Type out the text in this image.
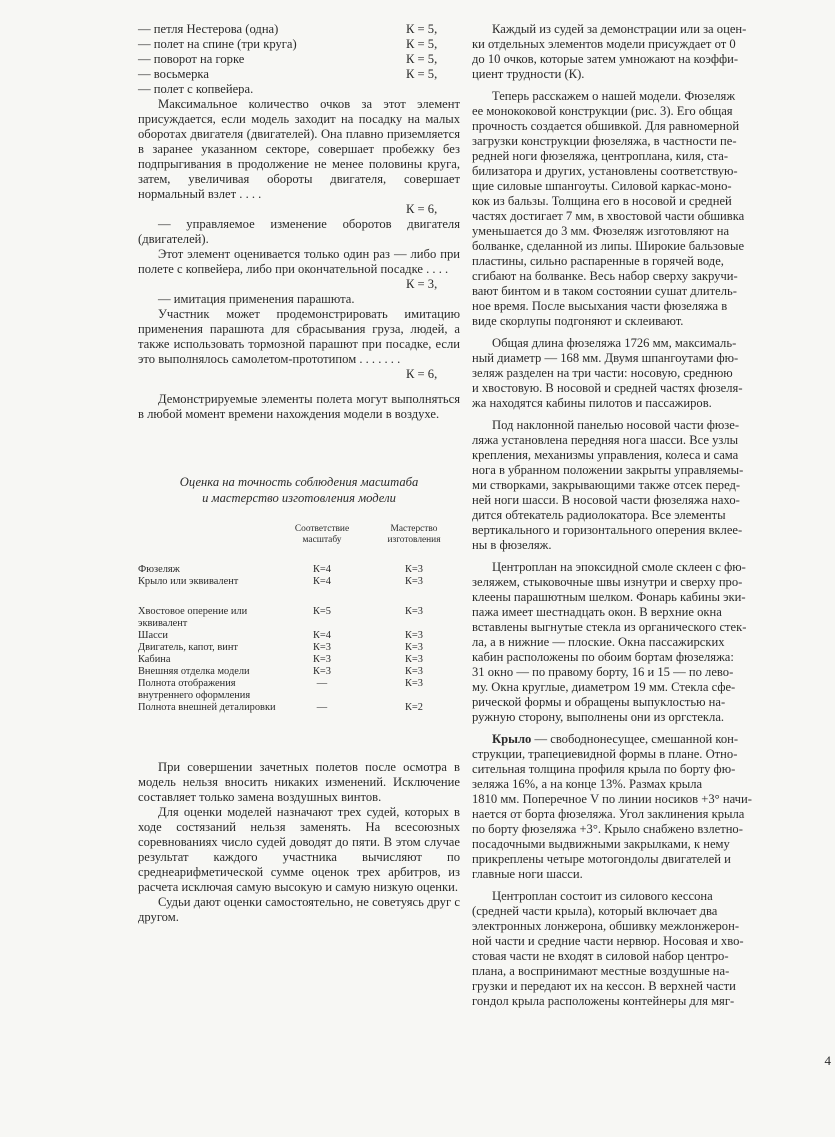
— петля Нестерова (одна)	К = 5,
— полет на спине (три круга)	К = 5,
— поворот на горке	К = 5,
— восьмерка	К = 5,
— полет с копвейера.

Максимальное количество очков за этот элемент присуждается, если модель заходит на посадку на малых оборотах двигателя (двигателей). Она плавно приземляется в заранее указанном секторе, совершает пробежку без подпрыгивания в продолжение не менее половины круга, затем, увеличивая обороты двигателя, совершает нормальный взлет . . . .

К = 6,

— управляемое изменение оборотов двигателя (двигателей).

Этот элемент оценивается только один раз — либо при полете с копвейера, либо при окончательной посадке . . . .

К = 3,

— имитация применения парашюта.

Участник может продемонстрировать имитацию применения парашюта для сбрасывания груза, людей, а также использовать тормозной парашют при посадке, если это выполнялось самолетом-прототипом . . . . . . .

К = 6,

Демонстрируемые элементы полета могут выполняться в любой момент времени нахождения модели в воздухе.

Оценка на точность соблюдения масштаба
и мастерство изготовления модели
	Соответствие масштабу	Мастерство изготовления
Фюзеляж	К=4	К=3
Крыло или эквивалент	К=4	К=3

Хвостовое оперение или эквивалент	К=5	К=3
Шасси	К=4	К=3
Двигатель, капот, винт	К=3	К=3
Кабина	К=3	К=3
Внешняя отделка модели	К=3	К=3
Полнота отображения внутреннего оформления	—	К=3
Полнота внешней деталировки	—	К=2

При совершении зачетных полетов после осмотра в модель нельзя вносить никаких изменений. Исключение составляет только замена воздушных винтов.

Для оценки моделей назначают трех судей, которых в ходе состязаний нельзя заменять. На всесоюзных соревнованиях число судей доводят до пяти. В этом случае результат каждого участника вычисляют по среднеарифметической сумме оценок трех арбитров, из расчета исключая самую высокую и самую низкую оценки.

Судьи дают оценки самостоятельно, не советуясь друг с другом.

Каждый из судей за демонстрации или за оцен-

ки отдельных элементов модели присуждает от 0

до 10 очков, которые затем умножают на коэффи-

циент трудности (К).

Теперь расскажем о нашей модели. Фюзеляж

ее монококовой конструкции (рис. 3). Его общая

прочность создается обшивкой. Для равномерной

загрузки конструкции фюзеляжа, в частности пе-

редней ноги фюзеляжа, центроплана, киля, ста-

билизатора и других, установлены соответствую-

щие силовые шпангоуты. Силовой каркас-моно-

кок из бальзы. Толщина его в носовой и средней

частях достигает 7 мм, в хвостовой части обшивка

уменьшается до 3 мм. Фюзеляж изготовляют на

болванке, сделанной из липы. Широкие бальзовые

пластины, сильно распаренные в горячей воде,

сгибают на болванке. Весь набор сверху закручи-

вают бинтом и в таком состоянии сушат длитель-

ное время. После высыхания части фюзеляжа в

виде скорлупы подгоняют и склеивают.

Общая длина фюзеляжа 1726 мм, максималь-

ный диаметр — 168 мм. Двумя шпангоутами фю-

зеляж разделен на три части: носовую, среднюю

и хвостовую. В носовой и средней частях фюзеля-

жа находятся кабины пилотов и пассажиров.

Под наклонной панелью носовой части фюзе-

ляжа установлена передняя нога шасси. Все узлы

крепления, механизмы управления, колеса и сама

нога в убранном положении закрыты управляемы-

ми створками, закрывающими также отсек перед-

ней ноги шасси. В носовой части фюзеляжа нахо-

дится обтекатель радиолокатора. Все элементы

вертикального и горизонтального оперения вклее-

ны в фюзеляж.

Центроплан на эпоксидной смоле склеен с фю-

зеляжем, стыковочные швы изнутри и сверху про-

клеены парашютным шелком. Фонарь кабины эки-

пажа имеет шестнадцать окон. В верхние окна

вставлены выгнутые стекла из органического стек-

ла, а в нижние — плоские. Окна пассажирских

кабин расположены по обоим бортам фюзеляжа:

31 окно — по правому борту, 16 и 15 — по лево-

му. Окна круглые, диаметром 19 мм. Стекла сфе-

рической формы и обращены выпуклостью на-

ружную сторону, выполнены они из оргстекла.

Крыло — свободнонесущее, смешанной кон-

струкции, трапециевидной формы в плане. Отно-

сительная толщина профиля крыла по борту фю-

зеляжа 16%, а на конце 13%. Размах крыла

1810 мм. Поперечное V по линии носиков +3° начи-

нается от борта фюзеляжа. Угол заклинения крыла

по борту фюзеляжа +3°. Крыло снабжено взлетно-

посадочными выдвижными закрылками, к нему

прикреплены четыре мотогондолы двигателей и

главные ноги шасси.

Центроплан состоит из силового кессона

(средней части крыла), который включает два

электронных лонжерона, обшивку межлонжерон-

ной части и средние части нервюр. Носовая и хво-

стовая части не входят в силовой набор центро-

плана, а воспринимают местные воздушные на-

грузки и передают их на кессон. В верхней части

гондол крыла расположены контейнеры для мяг-

4
